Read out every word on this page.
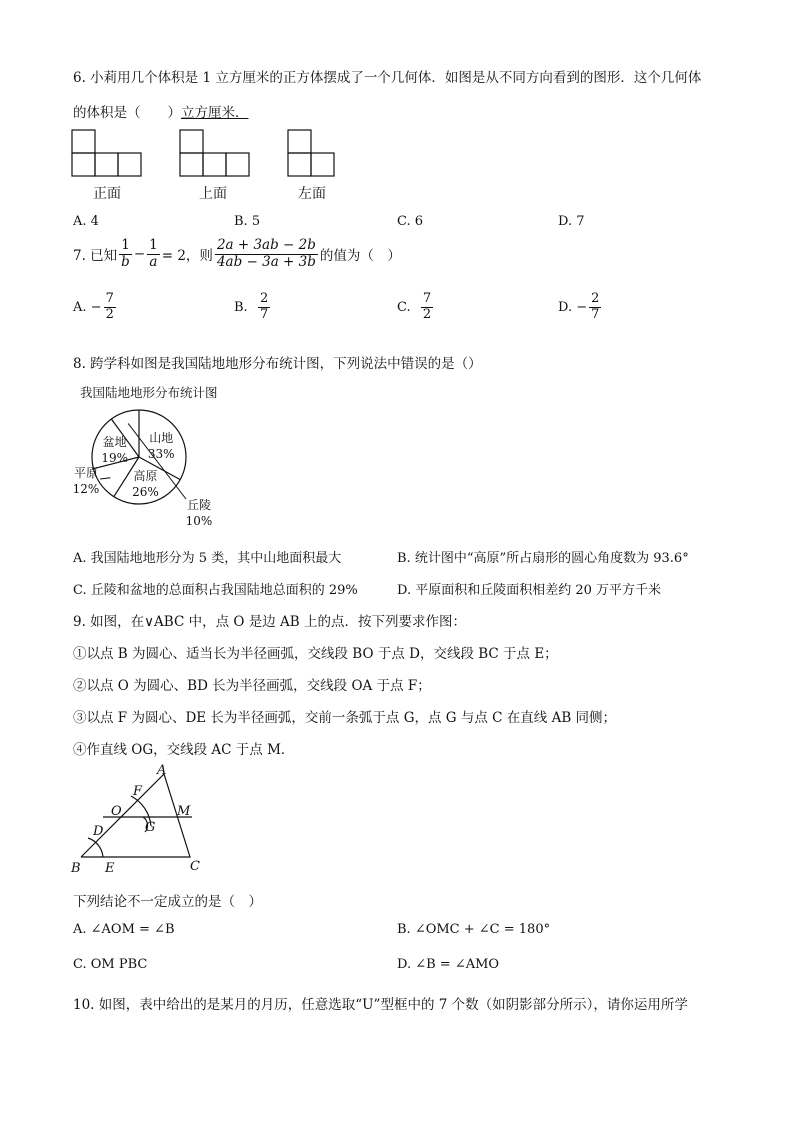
6. 小莉用几个体积是 1 立方厘米的正方体摆成了一个几何体．如图是从不同方向看到的图形．这个几何体
的体积是（　　）立方厘米．
正面	上面	左面
A. 4	B. 5	C. 6	D. 7
7. 已知 $\frac{1}{b} - \frac{1}{a} = 2$，则 $\frac{2a + 3ab - 2b}{4ab - 3a + 3b}$ 的值为（　）
A.
− $\frac{7}{2}$	B.
$\frac{2}{7}$	C.
$\frac{7}{2}$	D.
− $\frac{2}{7}$
8. 跨学科如图是我国陆地地形分布统计图，下列说法中错误的是（）
我国陆地地形分布统计图
山地
33%
高原
26%
平原
12%
盆地
19%
丘陵
10%
A. 我国陆地地形分为 5 类，其中山地面积最大	B. 统计图中“高原”所占扇形的圆心角度数为 93.6°
C. 丘陵和盆地的总面积占我国陆地总面积的 29%	D. 平原面积和丘陵面积相差约 20 万平方千米
9. 如图，在∨ABC 中，点 O 是边 AB 上的点．按下列要求作图：
①以点 B 为圆心、适当长为半径画弧，交线段 BO 于点 D，交线段 BC 于点 E；
②以点 O 为圆心、BD 长为半径画弧，交线段 OA 于点 F；
③以点 F 为圆心、DE 长为半径画弧，交前一条弧于点 G，点 G 与点 C 在直线 AB 同侧；
④作直线 OG，交线段 AC 于点 M．
A
B	C
D
E
F
G
O	M
下列结论不一定成立的是（　）
A. ∠AOM = ∠B	B. ∠OMC + ∠C = 180°
C. OM PBC	D. ∠B = ∠AMO
10. 如图，表中给出的是某月的月历，任意选取“U”型框中的 7 个数（如阴影部分所示），请你运用所学
